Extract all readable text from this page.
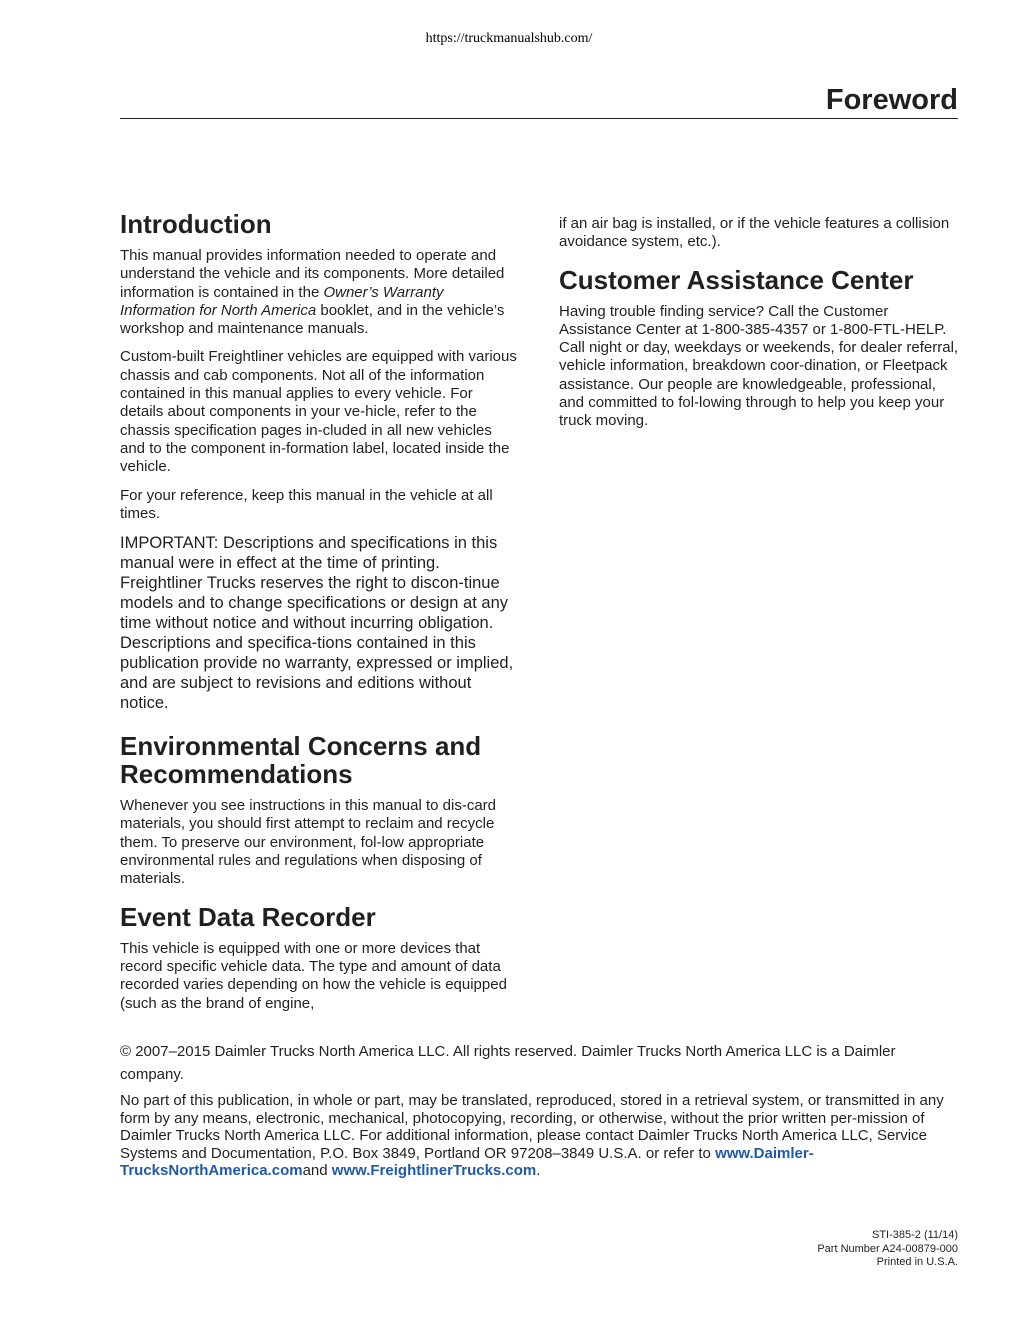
https://truckmanualshub.com/
Foreword
Introduction

This manual provides information needed to operate and understand the vehicle and its components. More detailed information is contained in the Owner’s Warranty Information for North America booklet, and in the vehicle’s workshop and maintenance manuals.

Custom-built Freightliner vehicles are equipped with various chassis and cab components. Not all of the information contained in this manual applies to every vehicle. For details about components in your ve-hicle, refer to the chassis specification pages in-cluded in all new vehicles and to the component in-formation label, located inside the vehicle.

For your reference, keep this manual in the vehicle at all times.

IMPORTANT: Descriptions and specifications in this manual were in effect at the time of printing. Freightliner Trucks reserves the right to discon-tinue models and to change specifications or design at any time without notice and without incurring obligation. Descriptions and specifica-tions contained in this publication provide no warranty, expressed or implied, and are subject to revisions and editions without notice.

Environmental Concerns and Recommendations

Whenever you see instructions in this manual to dis-card materials, you should first attempt to reclaim and recycle them. To preserve our environment, fol-low appropriate environmental rules and regulations when disposing of materials.

Event Data Recorder

This vehicle is equipped with one or more devices that record specific vehicle data. The type and amount of data recorded varies depending on how the vehicle is equipped (such as the brand of engine,

if an air bag is installed, or if the vehicle features a collision avoidance system, etc.).

Customer Assistance Center

Having trouble finding service? Call the Customer Assistance Center at 1-800-385-4357 or 1-800-FTL-HELP. Call night or day, weekdays or weekends, for dealer referral, vehicle information, breakdown coor-dination, or Fleetpack assistance. Our people are knowledgeable, professional, and committed to fol-lowing through to help you keep your truck moving.

© 2007–2015 Daimler Trucks North America LLC. All rights reserved. Daimler Trucks North America LLC is a Daimler company.

No part of this publication, in whole or part, may be translated, reproduced, stored in a retrieval system, or transmitted in any form by any means, electronic, mechanical, photocopying, recording, or otherwise, without the prior written per-mission of Daimler Trucks North America LLC. For additional information, please contact Daimler Trucks North America LLC, Service Systems and Documentation, P.O. Box 3849, Portland OR 97208–3849 U.S.A. or refer to www.Daimler-TrucksNorthAmerica.comand www.FreightlinerTrucks.com.

STI-385-2 (11/14)
Part Number A24-00879-000
Printed in U.S.A.
